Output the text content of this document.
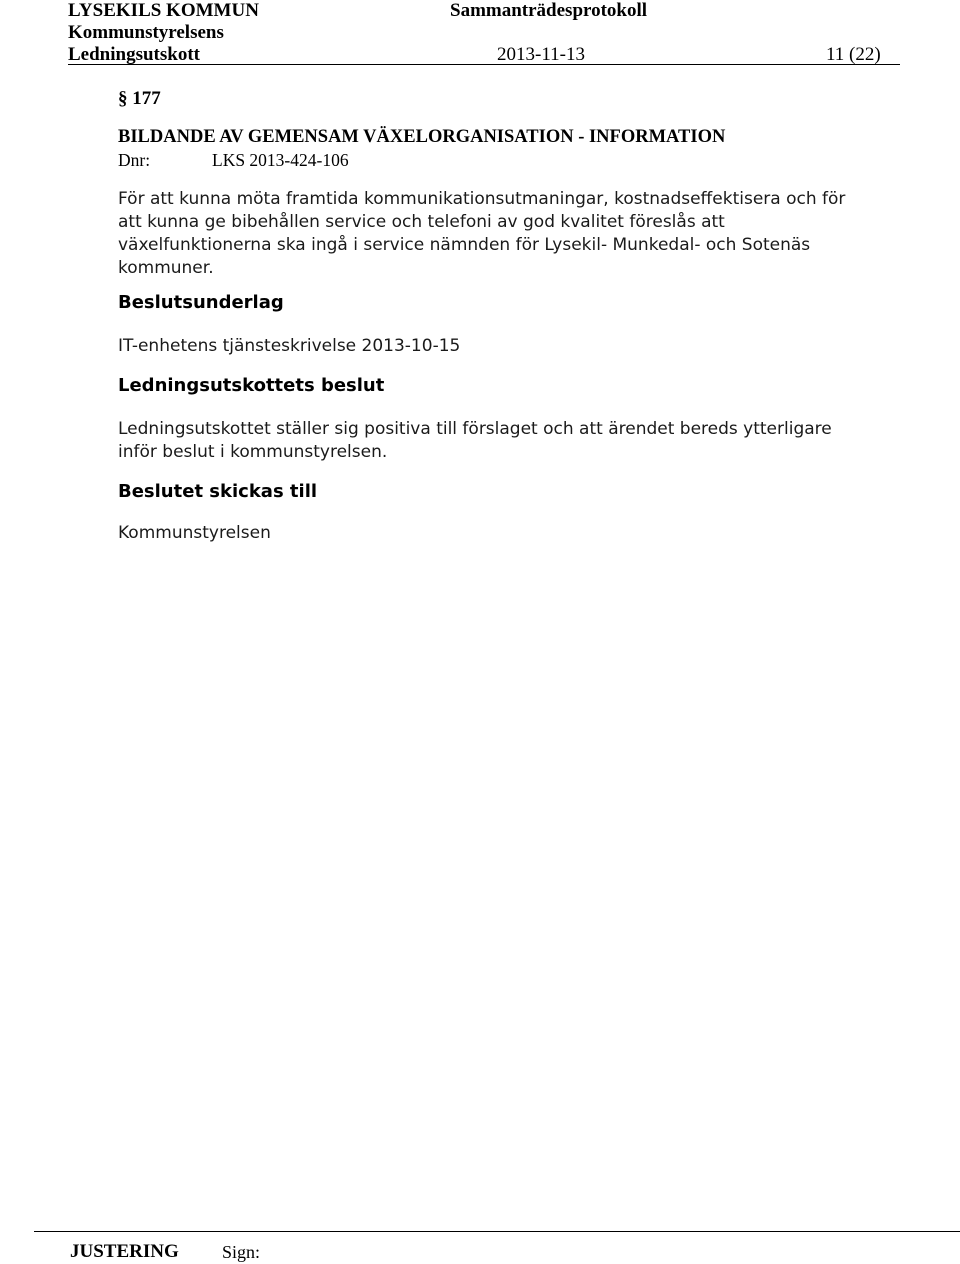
LYSEKILS KOMMUN	Sammanträdesprotokoll
Kommunstyrelsens
Ledningsutskott	2013-11-13	11 (22)
§ 177
BILDANDE AV GEMENSAM VÄXELORGANISATION - INFORMATION
Dnr:	LKS 2013-424-106
För att kunna möta framtida kommunikationsutmaningar, kostnadseffektisera och för
att kunna ge bibehållen service och telefoni av god kvalitet föreslås att
växelfunktionerna ska ingå i service nämnden för Lysekil- Munkedal- och Sotenäs
kommuner.
Beslutsunderlag
IT-enhetens tjänsteskrivelse 2013-10-15
Ledningsutskottets beslut
Ledningsutskottet ställer sig positiva till förslaget och att ärendet bereds ytterligare
inför beslut i kommunstyrelsen.
Beslutet skickas till
Kommunstyrelsen
JUSTERING Sign:
